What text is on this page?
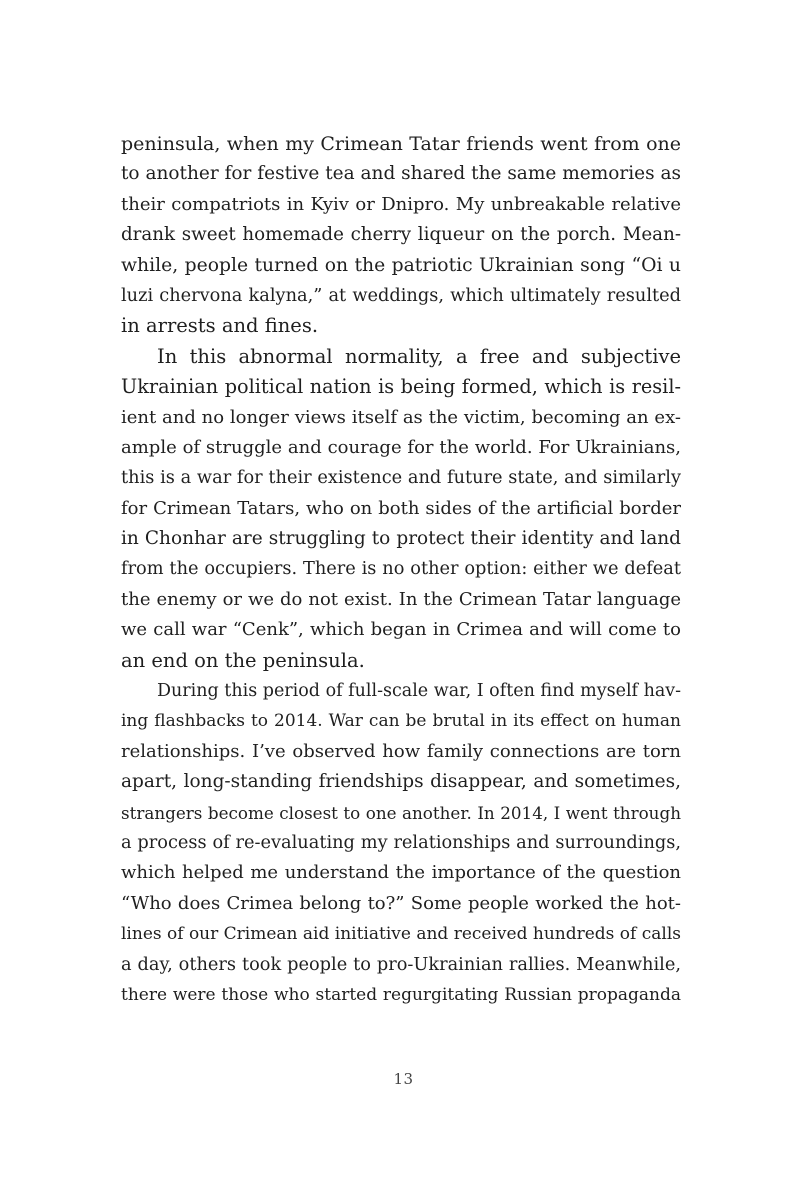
peninsula, when my Crimean Tatar friends went from one
to another for festive tea and shared the same memories as
their compatriots in Kyiv or Dnipro. My unbreakable relative
drank sweet homemade cherry liqueur on the porch. Mean-
while, people turned on the patriotic Ukrainian song “Oi u
luzi chervona kalyna,” at weddings, which ultimately resulted
in arrests and fines.
In this abnormal normality, a free and subjective
Ukrainian political nation is being formed, which is resil-
ient and no longer views itself as the victim, becoming an ex-
ample of struggle and courage for the world. For Ukrainians,
this is a war for their existence and future state, and similarly
for Crimean Tatars, who on both sides of the artificial border
in Chonhar are struggling to protect their identity and land
from the occupiers. There is no other option: either we defeat
the enemy or we do not exist. In the Crimean Tatar language
we call war “Cenk”, which began in Crimea and will come to
an end on the peninsula.
During this period of full-scale war, I often find myself hav-
ing flashbacks to 2014. War can be brutal in its effect on human
relationships. I’ve observed how family connections are torn
apart, long-standing friendships disappear, and sometimes,
strangers become closest to one another. In 2014, I went through
a process of re-evaluating my relationships and surroundings,
which helped me understand the importance of the question
“Who does Crimea belong to?” Some people worked the hot-
lines of our Crimean aid initiative and received hundreds of calls
a day, others took people to pro-Ukrainian rallies. Meanwhile,
there were those who started regurgitating Russian propaganda
13
